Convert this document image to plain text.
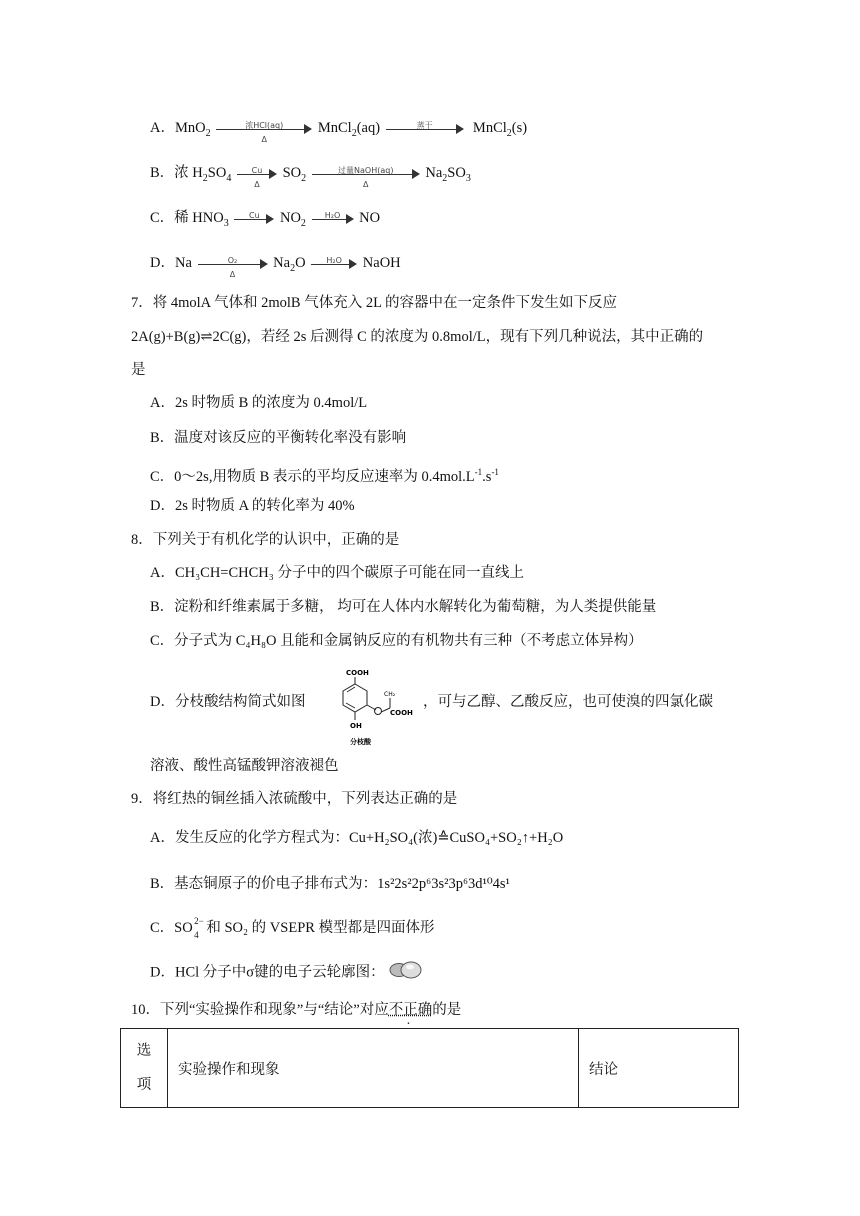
A．MnO$_2$
浓HCl(aq)
Δ
MnCl$_2$(aq)	蒸干	MnCl$_2$(s)
B．浓 $H_2SO_4$
Cu
Δ
$SO_2$
过量NaOH(aq)
Δ
$Na_2SO_3$
C．稀 $HNO_3$
Cu	$NO_2$
H₂O	NO
D．Na	O₂
Δ
$Na_2O$	H₂O	NaOH
7．将 4molA 气体和 2molB 气体充入 2L 的容器中在一定条件下发生如下反应
2A(g)+B(g)⇌2C(g)，若经 2s 后测得 C 的浓度为 0.8mol/L，现有下列几种说法，其中正确的
是
A．2s 时物质 B 的浓度为 0.4mol/L
B．温度对该反应的平衡转化率没有影响
C．0～2s,用物质 B 表示的平均反应速率为 $0.4mol.L^{-1}.s^{-1}$
D．2s 时物质 A 的转化率为 40%
8．下列关于有机化学的认识中，正确的是
A．CH₃CH=CHCH₃ 分子中的四个碳原子可能在同一直线上
B．淀粉和纤维素属于多糖， 均可在人体内水解转化为葡萄糖，为人类提供能量
C．分子式为 C₄H₈O 且能和金属钠反应的有机物共有三种（不考虑立体异构）
D．分枝酸结构简式如图	，可与乙醇、乙酸反应，也可使溴的四氯化碳
COOH
CH₂
COOH
OH
分枝酸
溶液、酸性高锰酸钾溶液褪色
9．将红热的铜丝插入浓硫酸中，下列表达正确的是
A．发生反应的化学方程式为：Cu+H₂SO₄(浓)≙CuSO₄+SO₂↑+H₂O
B．基态铜原子的价电子排布式为：1s²2s²2p⁶3s²3p⁶3d¹⁰4s¹
C．SO 2−
4 和 SO₂ 的 VSEPR 模型都是四面体形
D．HCl 分子中σ键的电子云轮廓图：
10．下列“实验操作和现象”与“结论”对应不正确的是
选
项
	实验操作和现象	结论
